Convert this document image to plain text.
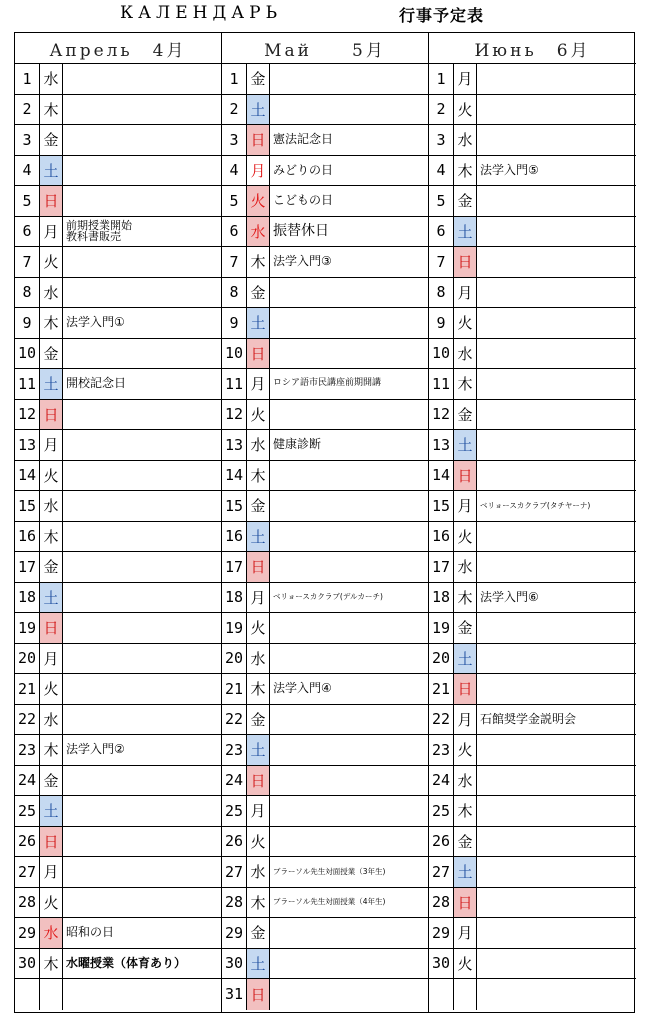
КАЛЕНДАРЬ	行事予定表
Апрель　4月
1 水
2 木
3 金
4 土
5 日
6 月 前期授業開始
教科書販売
7 火
8 水
9 木 法学入門①
10 金
11 土 開校記念日
12 日
13 月
14 火
15 水
16 木
17 金
18 土
19 日
20 月
21 火
22 水
23 木 法学入門②
24 金
25 土
26 日
27 月
28 火
29 水 昭和の日
30 木 水曜授業（体育あり）
Май　　5月
1 金
2 土
3 日 憲法記念日
4 月 みどりの日
5 火 こどもの日
6 水 振替休日
7 木 法学入門③
8 金
9 土
10 日
11 月 ロシア語市民講座前期開講
12 火
13 水 健康診断
14 木
15 金
16 土
17 日
18 月	ベリョースカクラブ(デルカーチ)
19 火
20 水
21 木 法学入門④
22 金
23 土
24 日
25 月
26 火
27 水	ブラーソル先生対面授業（3年生)
28 木	ブラーソル先生対面授業（4年生)
29 金
30 土
31 日
Июнь　6月
1 月
2 火
3 水
4 木 法学入門⑤
5 金
6 土
7 日
8 月
9 火
10 水
11 木
12 金
13 土
14 日
15 月	ベリョースカクラブ(タチヤーナ)
16 火
17 水
18 木 法学入門⑥
19 金
20 土
21 日
22 月 石館奨学金説明会
23 火
24 水
25 木
26 金
27 土
28 日
29 月
30 火
